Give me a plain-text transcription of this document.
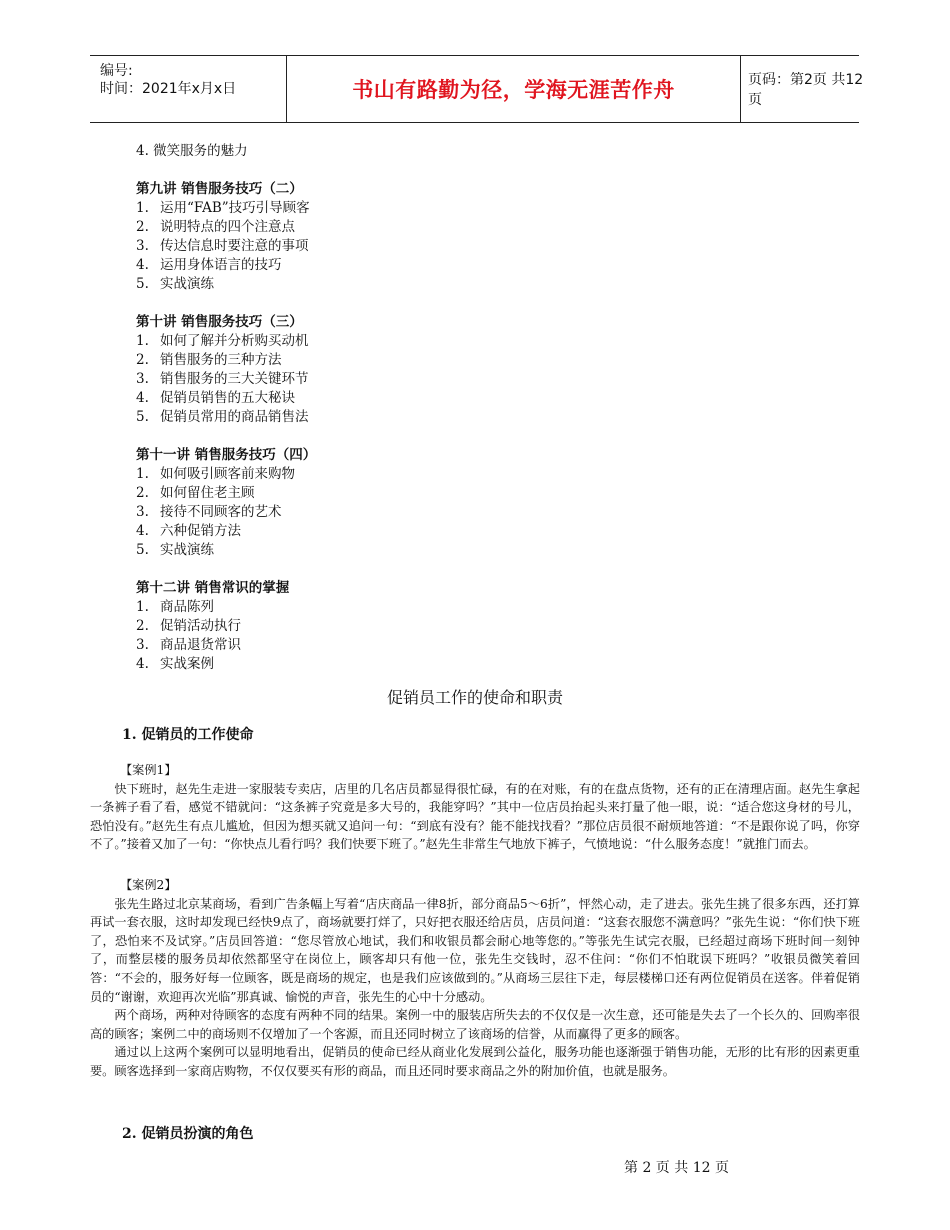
编号:
时间：2021年x月x日	书山有路勤为径，学海无涯苦作舟	页码：第2页 共12页

4. 微笑服务的魅力

第九讲 销售服务技巧（二）

1. 运用“FAB”技巧引导顾客

2. 说明特点的四个注意点

3. 传达信息时要注意的事项

4. 运用身体语言的技巧

5. 实战演练

第十讲 销售服务技巧（三）

1. 如何了解并分析购买动机

2. 销售服务的三种方法

3. 销售服务的三大关键环节

4. 促销员销售的五大秘诀

5. 促销员常用的商品销售法

第十一讲 销售服务技巧（四）

1. 如何吸引顾客前来购物

2. 如何留住老主顾

3. 接待不同顾客的艺术

4. 六种促销方法

5. 实战演练

第十二讲 销售常识的掌握

1. 商品陈列

2. 促销活动执行

3. 商品退货常识

4. 实战案例

促销员工作的使命和职责
1. 促销员的工作使命

【案例1】

快下班时，赵先生走进一家服装专卖店，店里的几名店员都显得很忙碌，有的在对账，有的在盘点货物，还有的正在清理店面。赵先生拿起一条裤子看了看，感觉不错就问：“这条裤子究竟是多大号的，我能穿吗？”其中一位店员抬起头来打量了他一眼，说：“适合您这身材的号儿，恐怕没有。”赵先生有点儿尴尬，但因为想买就又追问一句：“到底有没有？能不能找找看？”那位店员很不耐烦地答道：“不是跟你说了吗，你穿不了。”接着又加了一句：“你快点儿看行吗？我们快要下班了。”赵先生非常生气地放下裤子，气愤地说：“什么服务态度！”就推门而去。

【案例2】

张先生路过北京某商场，看到广告条幅上写着“店庆商品一律8折，部分商品5～6折”，怦然心动，走了进去。张先生挑了很多东西，还打算再试一套衣服，这时却发现已经快9点了，商场就要打烊了，只好把衣服还给店员，店员问道：“这套衣服您不满意吗？”张先生说：“你们快下班了，恐怕来不及试穿。”店员回答道：“您尽管放心地试，我们和收银员都会耐心地等您的。”等张先生试完衣服，已经超过商场下班时间一刻钟了，而整层楼的服务员却依然都坚守在岗位上，顾客却只有他一位，张先生交钱时，忍不住问：“你们不怕耽误下班吗？”收银员微笑着回答：“不会的，服务好每一位顾客，既是商场的规定，也是我们应该做到的。”从商场三层往下走，每层楼梯口还有两位促销员在送客。伴着促销员的“谢谢，欢迎再次光临”那真诚、愉悦的声音，张先生的心中十分感动。

两个商场，两种对待顾客的态度有两种不同的结果。案例一中的服装店所失去的不仅仅是一次生意，还可能是失去了一个长久的、回购率很高的顾客；案例二中的商场则不仅增加了一个客源，而且还同时树立了该商场的信誉，从而赢得了更多的顾客。

通过以上这两个案例可以显明地看出，促销员的使命已经从商业化发展到公益化，服务功能也逐渐强于销售功能，无形的比有形的因素更重要。顾客选择到一家商店购物，不仅仅要买有形的商品，而且还同时要求商品之外的附加价值，也就是服务。

2. 促销员扮演的角色
第 2 页 共 12 页
